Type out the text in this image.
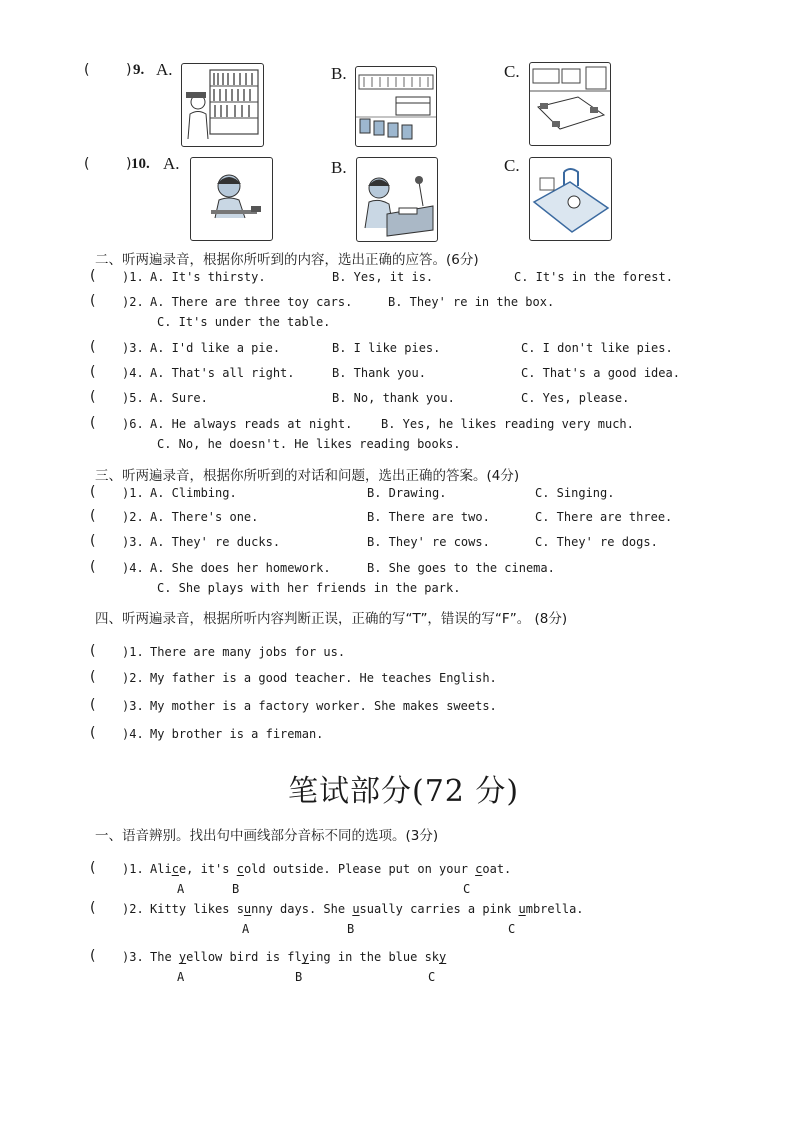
(	) 9. A.	B.	C.
(	) 10. A.	B.	C.
二、听两遍录音，根据你所听到的内容，选出正确的应答。(6分)
( )1. A. It's thirsty.	B. Yes, it is.	C. It's in the forest.
( )2. A. There are three toy cars.	B. They' re in the box.
C. It's under the table.
( )3. A. I'd like a pie.	B. I like pies.	C. I don't like pies.
( )4. A. That's all right.	B. Thank you.	C. That's a good idea.
( )5. A. Sure.	B. No, thank you.	C. Yes, please.
( )6. A. He always reads at night. B. Yes, he likes reading very much.
C. No, he doesn't. He likes reading books.
三、听两遍录音，根据你所听到的对话和问题，选出正确的答案。(4分)
( )1. A. Climbing.	B. Drawing.	C. Singing.
( )2. A. There's one.	B. There are two.	C. There are three.
( )3. A. They' re ducks.	B. They' re cows.	C. They' re dogs.
( )4. A. She does her homework.	B. She goes to the cinema.
C. She plays with her friends in the park.
四、听两遍录音，根据所听内容判断正误，正确的写“T”，错误的写“F”。 (8分)
( )1. There are many jobs for us.
( )2. My father is a good teacher. He teaches English.
( )3. My mother is a factory worker. She makes sweets.
( )4. My brother is a fireman.
笔试部分(72 分)
一、语音辨别。找出句中画线部分音标不同的选项。(3分)
( )1. Alice, it's cold outside. Please put on your coat.
A	B	C
( )2. Kitty likes sunny days. She usually carries a pink umbrella.
A	B	C
( )3. The yellow bird is flying in the blue sky
A	B	C
